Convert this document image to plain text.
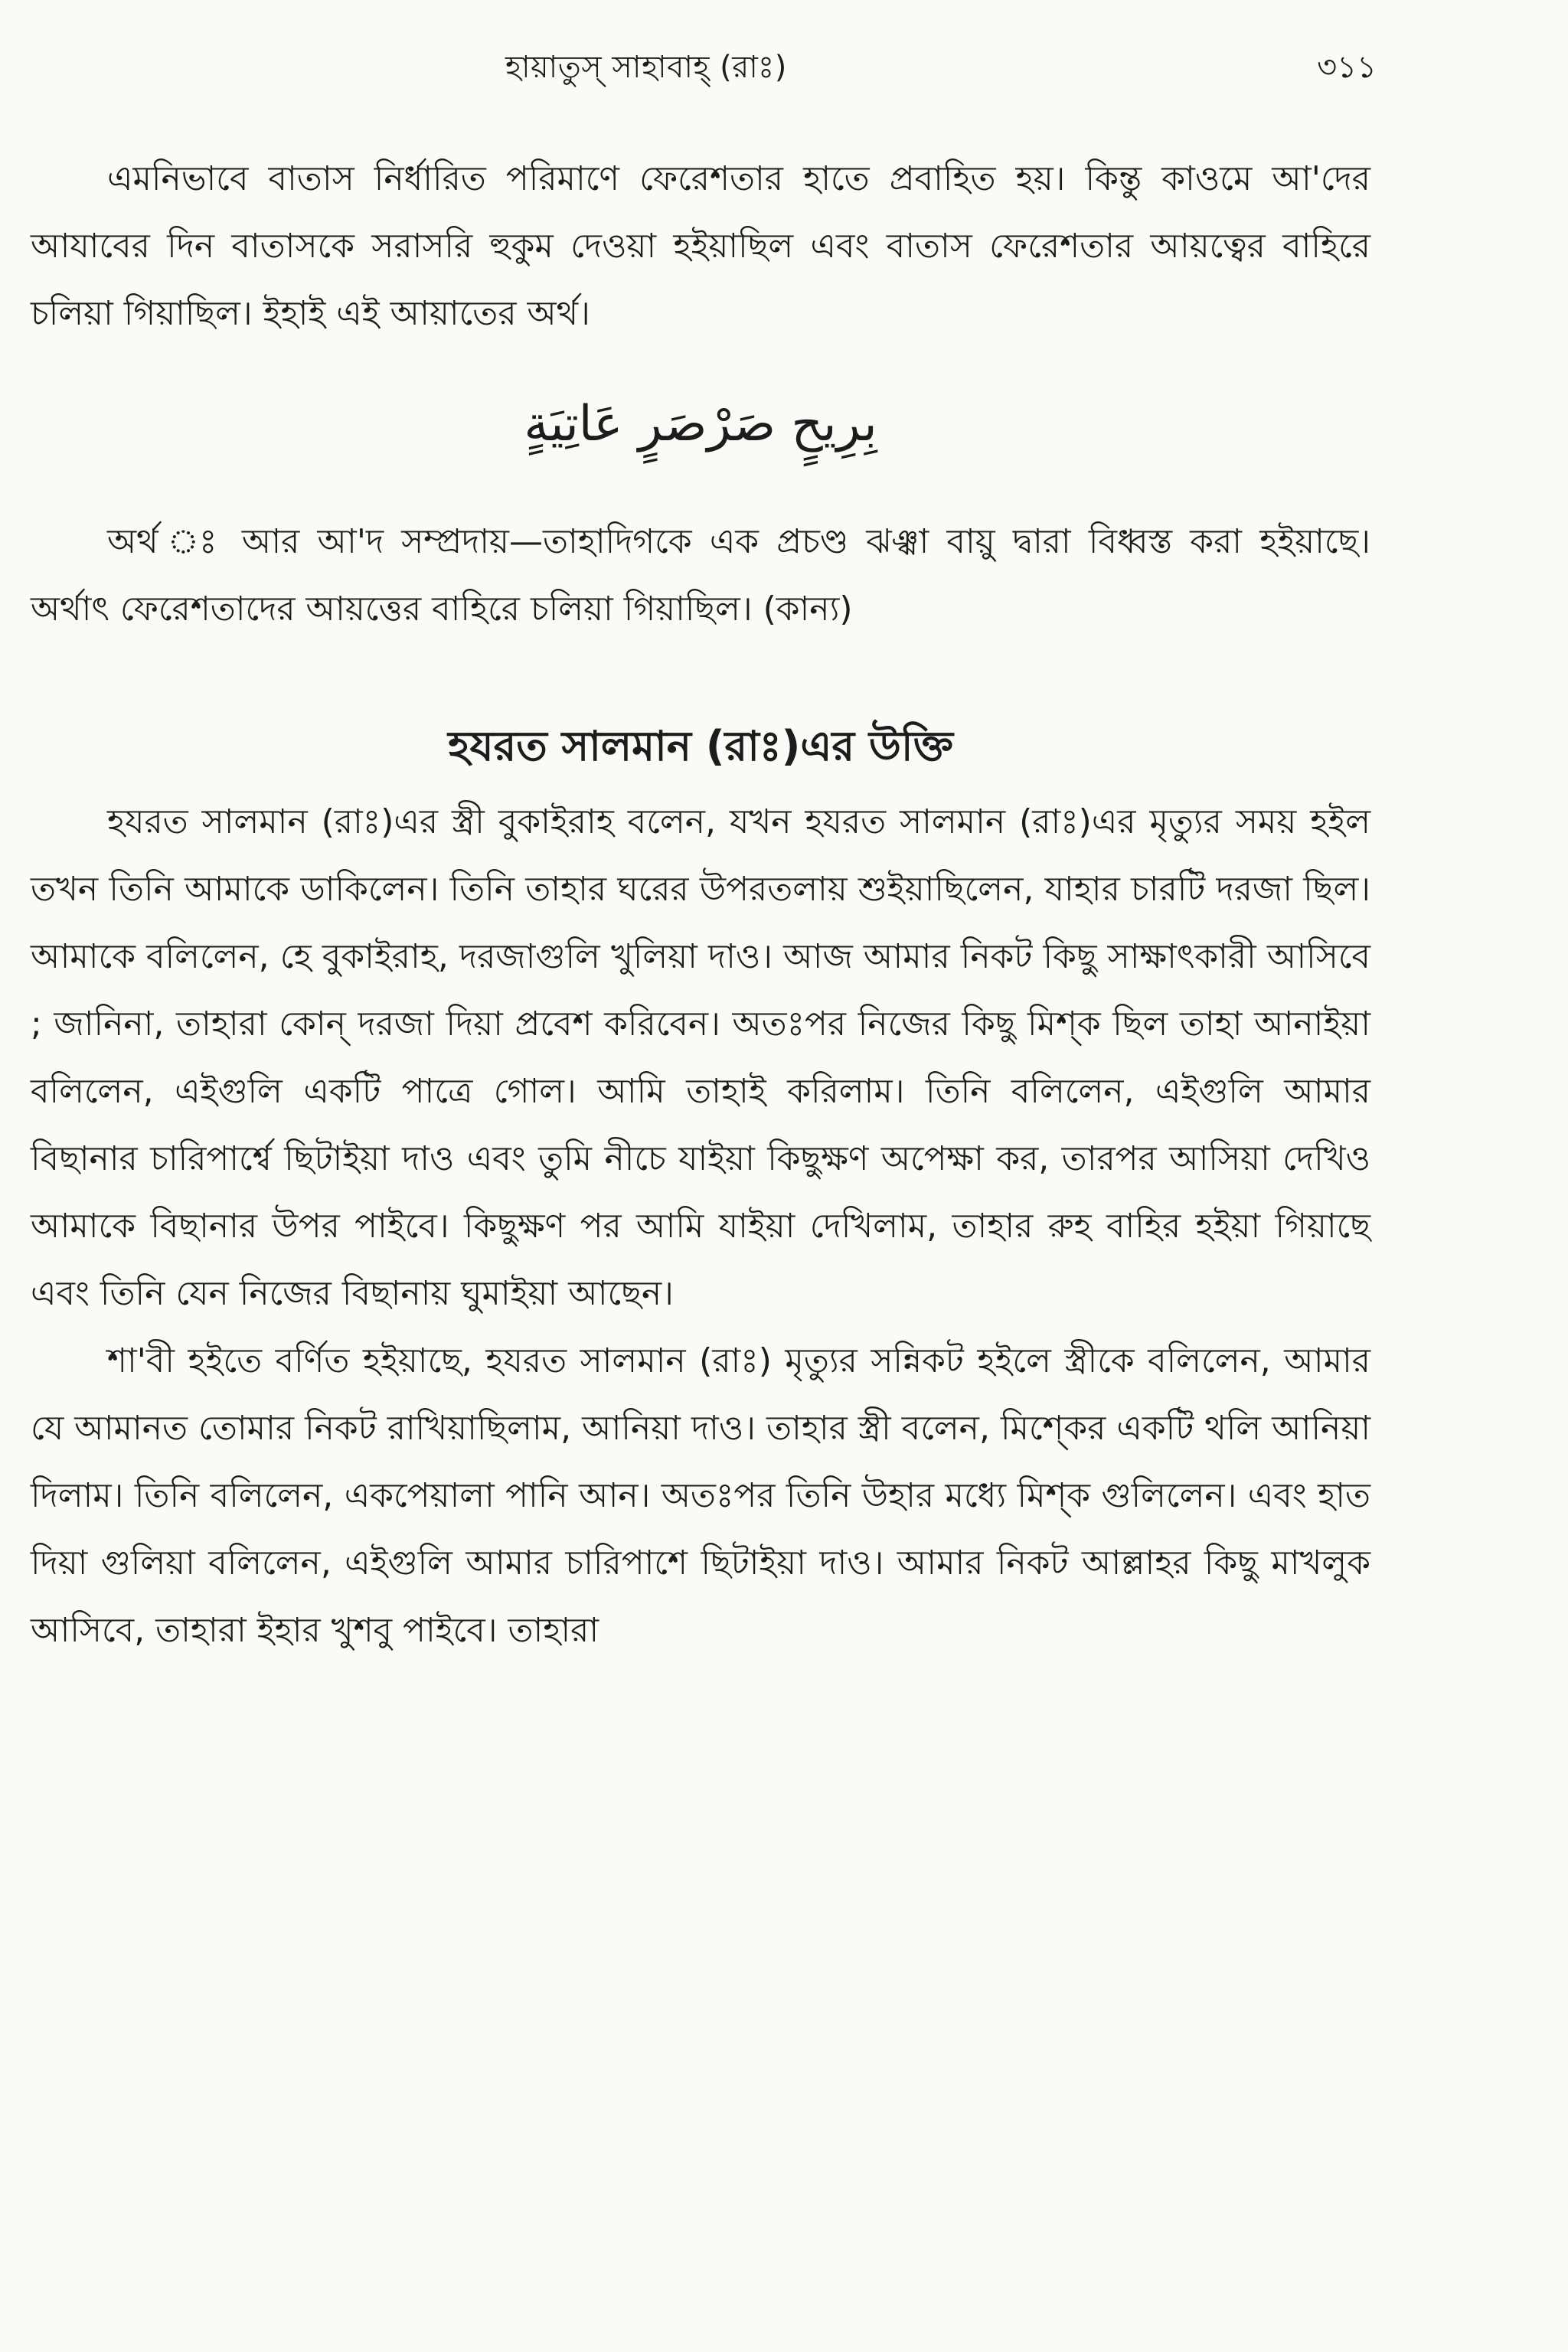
হায়াতুস্ সাহাবাহ্ (রাঃ)	৩১১

এমনিভাবে বাতাস নির্ধারিত পরিমাণে ফেরেশতার হাতে প্রবাহিত হয়। কিন্তু কাওমে আ'দের আযাবের দিন বাতাসকে সরাসরি হুকুম দেওয়া হইয়াছিল এবং বাতাস ফেরেশতার আয়ত্বের বাহিরে চলিয়া গিয়াছিল। ইহাই এই আয়াতের অর্থ।

بِرِيحٍ صَرْصَرٍ عَاتِيَةٍ

অর্থ ঃ আর আ'দ সম্প্রদায়—তাহাদিগকে এক প্রচণ্ড ঝঞ্ঝা বায়ু দ্বারা বিধ্বস্ত করা হইয়াছে। অর্থাৎ ফেরেশতাদের আয়ত্তের বাহিরে চলিয়া গিয়াছিল। (কান্য)

হযরত সালমান (রাঃ)এর উক্তি

হযরত সালমান (রাঃ)এর স্ত্রী বুকাইরাহ বলেন, যখন হযরত সালমান (রাঃ)এর মৃত্যুর সময় হইল তখন তিনি আমাকে ডাকিলেন। তিনি তাহার ঘরের উপরতলায় শুইয়াছিলেন, যাহার চারটি দরজা ছিল। আমাকে বলিলেন, হে বুকাইরাহ, দরজাগুলি খুলিয়া দাও। আজ আমার নিকট কিছু সাক্ষাৎকারী আসিবে ; জানিনা, তাহারা কোন্ দরজা দিয়া প্রবেশ করিবেন। অতঃপর নিজের কিছু মিশ্ক ছিল তাহা আনাইয়া বলিলেন, এইগুলি একটি পাত্রে গোল। আমি তাহাই করিলাম। তিনি বলিলেন, এইগুলি আমার বিছানার চারিপার্শ্বে ছিটাইয়া দাও এবং তুমি নীচে যাইয়া কিছুক্ষণ অপেক্ষা কর, তারপর আসিয়া দেখিও আমাকে বিছানার উপর পাইবে। কিছুক্ষণ পর আমি যাইয়া দেখিলাম, তাহার রুহ বাহির হইয়া গিয়াছে এবং তিনি যেন নিজের বিছানায় ঘুমাইয়া আছেন।

শা'বী হইতে বর্ণিত হইয়াছে, হযরত সালমান (রাঃ) মৃত্যুর সন্নিকট হইলে স্ত্রীকে বলিলেন, আমার যে আমানত তোমার নিকট রাখিয়াছিলাম, আনিয়া দাও। তাহার স্ত্রী বলেন, মিশ্কের একটি থলি আনিয়া দিলাম। তিনি বলিলেন, একপেয়ালা পানি আন। অতঃপর তিনি উহার মধ্যে মিশ্ক গুলিলেন। এবং হাত দিয়া গুলিয়া বলিলেন, এইগুলি আমার চারিপাশে ছিটাইয়া দাও। আমার নিকট আল্লাহর কিছু মাখলুক আসিবে, তাহারা ইহার খুশবু পাইবে। তাহারা
